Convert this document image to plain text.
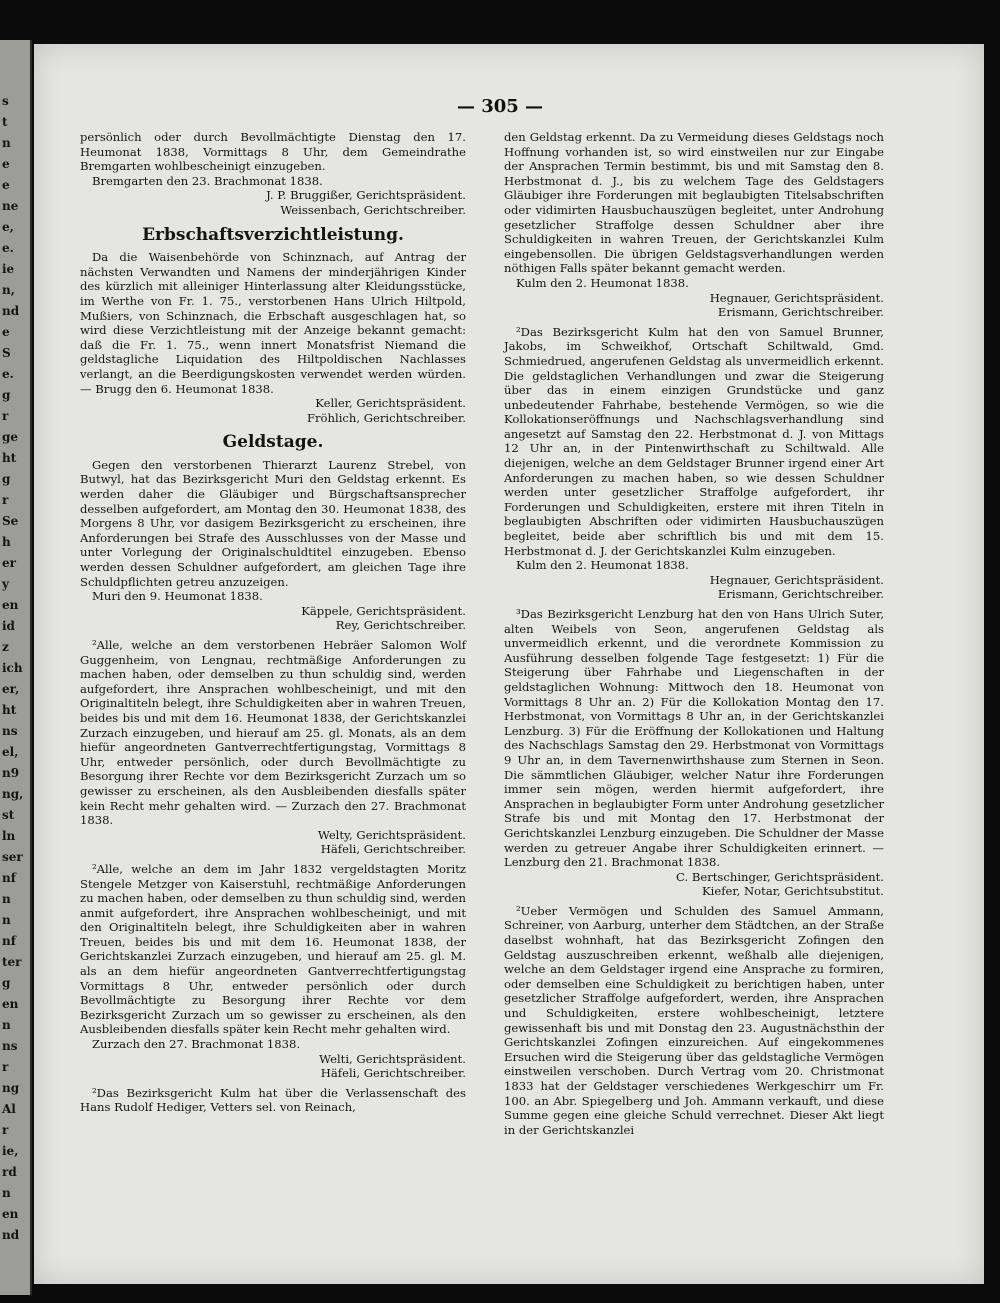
s
t
n
e
e
ne
e,
e.
ie
n,
nd
e
S
e.
g
r
ge
ht
g
r
Se
h
er
y
en
id
z
ich
er,
ht
ns
el,
n9
ng,
st
ln
ser
nf
n
n
nf
ter
g
en
n
ns
r
ng
Al
r
ie,
rd
n
en
nd
— 305 —

persönlich oder durch Bevollmächtigte Dienstag den 17. Heumonat 1838, Vormittags 8 Uhr, dem Gemeindrathe Bremgarten wohlbescheinigt einzugeben.

Bremgarten den 23. Brachmonat 1838.

J. P. Bruggißer, Gerichtspräsident.

Weissenbach, Gerichtschreiber.

Erbschaftsverzichtleistung.

Da die Waisenbehörde von Schinznach, auf Antrag der nächsten Verwandten und Namens der minderjährigen Kinder des kürzlich mit alleiniger Hinterlassung alter Kleidungsstücke, im Werthe von Fr. 1. 75., verstorbenen Hans Ulrich Hiltpold, Mußiers, von Schinznach, die Erbschaft ausgeschlagen hat, so wird diese Verzichtleistung mit der Anzeige bekannt gemacht: daß die Fr. 1. 75., wenn innert Monatsfrist Niemand die geldstagliche Liquidation des Hiltpoldischen Nachlasses verlangt, an die Beerdigungskosten verwendet werden würden. — Brugg den 6. Heumonat 1838.

Keller, Gerichtspräsident.

Fröhlich, Gerichtschreiber.

Geldstage.

Gegen den verstorbenen Thierarzt Laurenz Strebel, von Butwyl, hat das Bezirksgericht Muri den Geldstag erkennt. Es werden daher die Gläubiger und Bürgschaftsansprecher desselben aufgefordert, am Montag den 30. Heumonat 1838, des Morgens 8 Uhr, vor dasigem Bezirksgericht zu erscheinen, ihre Anforderungen bei Strafe des Ausschlusses von der Masse und unter Vorlegung der Originalschuldtitel einzugeben. Ebenso werden dessen Schuldner aufgefordert, am gleichen Tage ihre Schuldpflichten getreu anzuzeigen.

Muri den 9. Heumonat 1838.

Käppele, Gerichtspräsident.

Rey, Gerichtschreiber.

²Alle, welche an dem verstorbenen Hebräer Salomon Wolf Guggenheim, von Lengnau, rechtmäßige Anforderungen zu machen haben, oder demselben zu thun schuldig sind, werden aufgefordert, ihre Ansprachen wohlbescheinigt, und mit den Originaltiteln belegt, ihre Schuldigkeiten aber in wahren Treuen, beides bis und mit dem 16. Heumonat 1838, der Gerichtskanzlei Zurzach einzugeben, und hierauf am 25. gl. Monats, als an dem hiefür angeordneten Gantverrechtfertigungstag, Vormittags 8 Uhr, entweder persönlich, oder durch Bevollmächtigte zu Besorgung ihrer Rechte vor dem Bezirksgericht Zurzach um so gewisser zu erscheinen, als den Ausbleibenden diesfalls später kein Recht mehr gehalten wird. — Zurzach den 27. Brachmonat 1838.

Welty, Gerichtspräsident.

Häfeli, Gerichtschreiber.

²Alle, welche an dem im Jahr 1832 vergeldstagten Moritz Stengele Metzger von Kaiserstuhl, rechtmäßige Anforderungen zu machen haben, oder demselben zu thun schuldig sind, werden anmit aufgefordert, ihre Ansprachen wohlbescheinigt, und mit den Originaltiteln belegt, ihre Schuldigkeiten aber in wahren Treuen, beides bis und mit dem 16. Heumonat 1838, der Gerichtskanzlei Zurzach einzugeben, und hierauf am 25. gl. M. als an dem hiefür angeordneten Gantverrechtfertigungstag Vormittags 8 Uhr, entweder persönlich oder durch Bevollmächtigte zu Besorgung ihrer Rechte vor dem Bezirksgericht Zurzach um so gewisser zu erscheinen, als den Ausbleibenden diesfalls später kein Recht mehr gehalten wird.

Zurzach den 27. Brachmonat 1838.

Welti, Gerichtspräsident.

Häfeli, Gerichtschreiber.

²Das Bezirksgericht Kulm hat über die Verlassenschaft des Hans Rudolf Hediger, Vetters sel. von Reinach,

den Geldstag erkennt. Da zu Vermeidung dieses Geldstags noch Hoffnung vorhanden ist, so wird einstweilen nur zur Eingabe der Ansprachen Termin bestimmt, bis und mit Samstag den 8. Herbstmonat d. J., bis zu welchem Tage des Geldstagers Gläubiger ihre Forderungen mit beglaubigten Titelsabschriften oder vidimirten Hausbuchauszügen begleitet, unter Androhung gesetzlicher Straffolge dessen Schuldner aber ihre Schuldigkeiten in wahren Treuen, der Gerichtskanzlei Kulm eingebensollen. Die übrigen Geldstagsverhandlungen werden nöthigen Falls später bekannt gemacht werden.

Kulm den 2. Heumonat 1838.

Hegnauer, Gerichtspräsident.

Erismann, Gerichtschreiber.

²Das Bezirksgericht Kulm hat den von Samuel Brunner, Jakobs, im Schweikhof, Ortschaft Schiltwald, Gmd. Schmiedrued, angerufenen Geldstag als unvermeidlich erkennt. Die geldstaglichen Verhandlungen und zwar die Steigerung über das in einem einzigen Grundstücke und ganz unbedeutender Fahrhabe, bestehende Vermögen, so wie die Kollokationseröffnungs und Nachschlagsverhandlung sind angesetzt auf Samstag den 22. Herbstmonat d. J. von Mittags 12 Uhr an, in der Pintenwirthschaft zu Schiltwald. Alle diejenigen, welche an dem Geldstager Brunner irgend einer Art Anforderungen zu machen haben, so wie dessen Schuldner werden unter gesetzlicher Straffolge aufgefordert, ihr Forderungen und Schuldigkeiten, erstere mit ihren Titeln in beglaubigten Abschriften oder vidimirten Hausbuchauszügen begleitet, beide aber schriftlich bis und mit dem 15. Herbstmonat d. J. der Gerichtskanzlei Kulm einzugeben.

Kulm den 2. Heumonat 1838.

Hegnauer, Gerichtspräsident.

Erismann, Gerichtschreiber.

³Das Bezirksgericht Lenzburg hat den von Hans Ulrich Suter, alten Weibels von Seon, angerufenen Geldstag als unvermeidlich erkennt, und die verordnete Kommission zu Ausführung desselben folgende Tage festgesetzt: 1) Für die Steigerung über Fahrhabe und Liegenschaften in der geldstaglichen Wohnung: Mittwoch den 18. Heumonat von Vormittags 8 Uhr an. 2) Für die Kollokation Montag den 17. Herbstmonat, von Vormittags 8 Uhr an, in der Gerichtskanzlei Lenzburg. 3) Für die Eröffnung der Kollokationen und Haltung des Nachschlags Samstag den 29. Herbstmonat von Vormittags 9 Uhr an, in dem Tavernenwirthshause zum Sternen in Seon. Die sämmtlichen Gläubiger, welcher Natur ihre Forderungen immer sein mögen, werden hiermit aufgefordert, ihre Ansprachen in beglaubigter Form unter Androhung gesetzlicher Strafe bis und mit Montag den 17. Herbstmonat der Gerichtskanzlei Lenzburg einzugeben. Die Schuldner der Masse werden zu getreuer Angabe ihrer Schuldigkeiten erinnert. — Lenzburg den 21. Brachmonat 1838.

C. Bertschinger, Gerichtspräsident.

Kiefer, Notar, Gerichtsubstitut.

²Ueber Vermögen und Schulden des Samuel Ammann, Schreiner, von Aarburg, unterher dem Städtchen, an der Straße daselbst wohnhaft, hat das Bezirksgericht Zofingen den Geldstag auszuschreiben erkennt, weßhalb alle diejenigen, welche an dem Geldstager irgend eine Ansprache zu formiren, oder demselben eine Schuldigkeit zu berichtigen haben, unter gesetzlicher Straffolge aufgefordert, werden, ihre Ansprachen und Schuldigkeiten, erstere wohlbescheinigt, letztere gewissenhaft bis und mit Donstag den 23. Augustnächsthin der Gerichtskanzlei Zofingen einzureichen. Auf eingekommenes Ersuchen wird die Steigerung über das geldstagliche Vermögen einstweilen verschoben. Durch Vertrag vom 20. Christmonat 1833 hat der Geldstager verschiedenes Werkgeschirr um Fr. 100. an Abr. Spiegelberg und Joh. Ammann verkauft, und diese Summe gegen eine gleiche Schuld verrechnet. Dieser Akt liegt in der Gerichtskanzlei
